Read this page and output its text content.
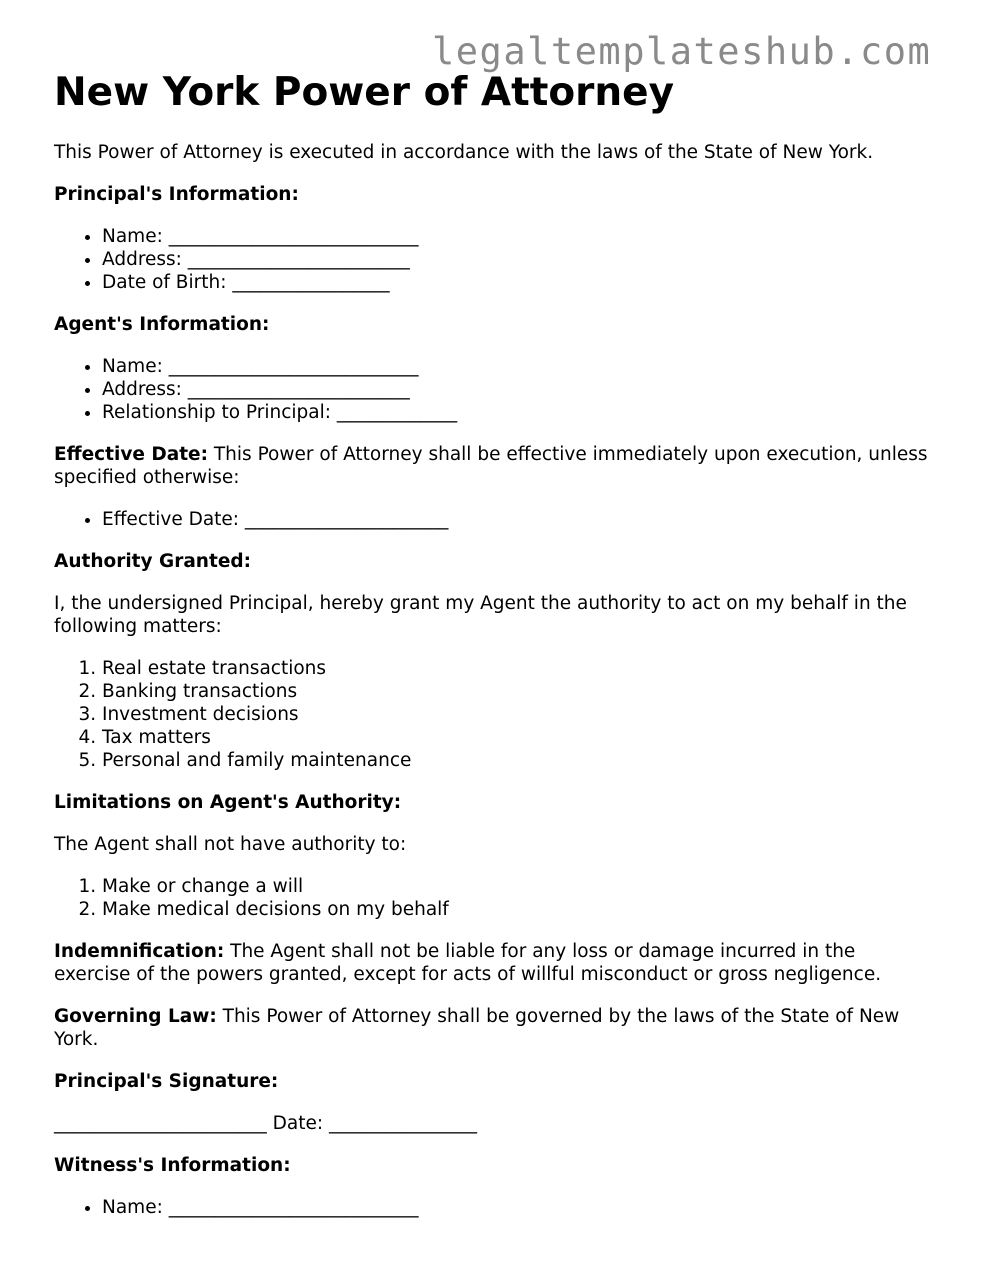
legaltemplateshub.com
New York Power of Attorney

This Power of Attorney is executed in accordance with the laws of the State of New York.

Principal's Information:

• Name: ___________________________
• Address: ________________________
• Date of Birth: _________________

Agent's Information:

• Name: ___________________________
• Address: ________________________
• Relationship to Principal: _____________

Effective Date: This Power of Attorney shall be effective immediately upon execution, unless specified otherwise:

• Effective Date: ______________________

Authority Granted:

I, the undersigned Principal, hereby grant my Agent the authority to act on my behalf in the following matters:

1. Real estate transactions
2. Banking transactions
3. Investment decisions
4. Tax matters
5. Personal and family maintenance

Limitations on Agent's Authority:

The Agent shall not have authority to:

1. Make or change a will
2. Make medical decisions on my behalf

Indemnification: The Agent shall not be liable for any loss or damage incurred in the exercise of the powers granted, except for acts of willful misconduct or gross negligence.

Governing Law: This Power of Attorney shall be governed by the laws of the State of New York.

Principal's Signature:

_______________________ Date: ________________

Witness's Information:

• Name: ___________________________
